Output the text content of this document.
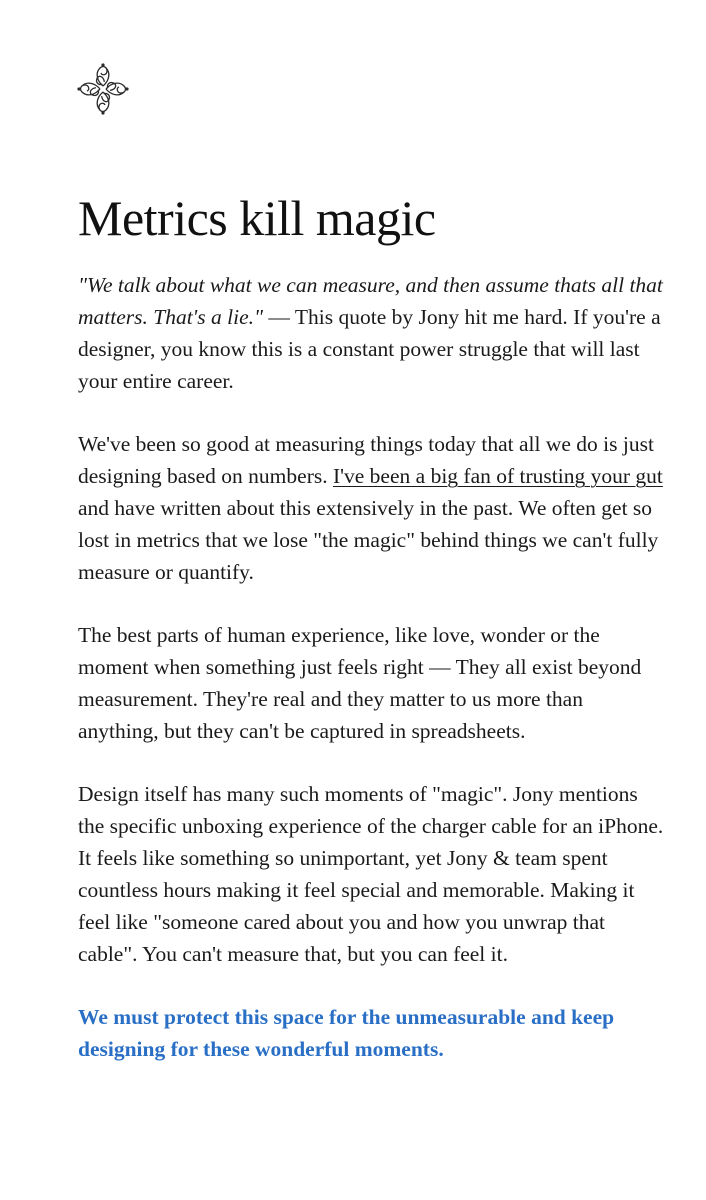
Metrics kill magic

"We talk about what we can measure, and then assume thats all that matters. That's a lie." — This quote by Jony hit me hard. If you're a designer, you know this is a constant power struggle that will last your entire career.

We've been so good at measuring things today that all we do is just designing based on numbers. I've been a big fan of trusting your gut and have written about this extensively in the past. We often get so lost in metrics that we lose "the magic" behind things we can't fully measure or quantify.

The best parts of human experience, like love, wonder or the moment when something just feels right — They all exist beyond measurement. They're real and they matter to us more than anything, but they can't be captured in spreadsheets.

Design itself has many such moments of "magic". Jony mentions the specific unboxing experience of the charger cable for an iPhone. It feels like something so unimportant, yet Jony & team spent countless hours making it feel special and memorable. Making it feel like "someone cared about you and how you unwrap that cable". You can't measure that, but you can feel it.

We must protect this space for the unmeasurable and keep designing for these wonderful moments.
